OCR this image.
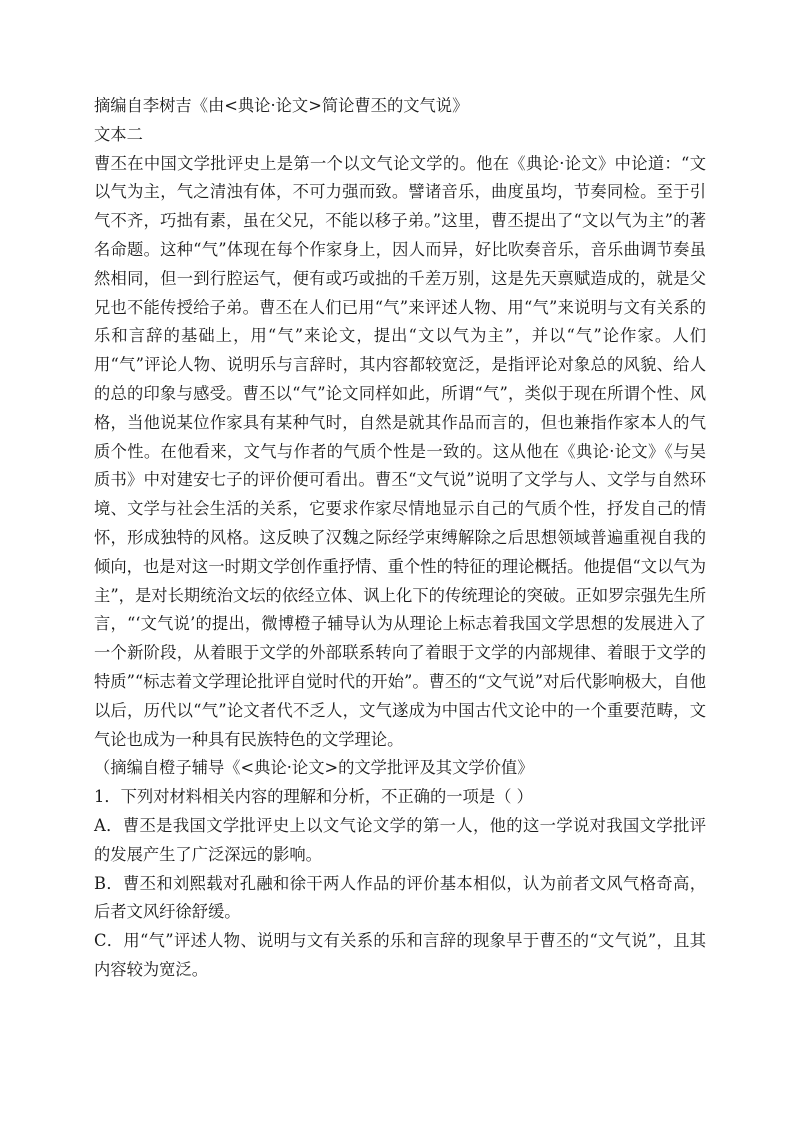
摘编自李树吉《由<典论·论文>简论曹丕的文气说》

文本二

曹丕在中国文学批评史上是第一个以文气论文学的。他在《典论·论文》中论道：“文以气为主，气之清浊有体，不可力强而致。譬诸音乐，曲度虽均，节奏同检。至于引气不齐，巧拙有素，虽在父兄，不能以移子弟。”这里，曹丕提出了“文以气为主”的著名命题。这种“气”体现在每个作家身上，因人而异，好比吹奏音乐，音乐曲调节奏虽然相同，但一到行腔运气，便有或巧或拙的千差万别，这是先天禀赋造成的，就是父兄也不能传授给子弟。曹丕在人们已用“气”来评述人物、用“气”来说明与文有关系的乐和言辞的基础上，用“气”来论文，提出“文以气为主”，并以“气”论作家。人们用“气”评论人物、说明乐与言辞时，其内容都较宽泛，是指评论对象总的风貌、给人的总的印象与感受。曹丕以“气”论文同样如此，所谓“气”，类似于现在所谓个性、风格，当他说某位作家具有某种气时，自然是就其作品而言的，但也兼指作家本人的气质个性。在他看来，文气与作者的气质个性是一致的。这从他在《典论·论文》《与吴质书》中对建安七子的评价便可看出。曹丕“文气说”说明了文学与人、文学与自然环境、文学与社会生活的关系，它要求作家尽情地显示自己的气质个性，抒发自己的情怀，形成独特的风格。这反映了汉魏之际经学束缚解除之后思想领域普遍重视自我的倾向，也是对这一时期文学创作重抒情、重个性的特征的理论概括。他提倡“文以气为主”，是对长期统治文坛的依经立体、讽上化下的传统理论的突破。正如罗宗强先生所言，“‘文气说’的提出，微博橙子辅导认为从理论上标志着我国文学思想的发展进入了一个新阶段，从着眼于文学的外部联系转向了着眼于文学的内部规律、着眼于文学的特质”“标志着文学理论批评自觉时代的开始”。曹丕的“文气说”对后代影响极大，自他以后，历代以“气”论文者代不乏人，文气遂成为中国古代文论中的一个重要范畴，文气论也成为一种具有民族特色的文学理论。

（摘编自橙子辅导《<典论·论文>的文学批评及其文学价值》

1．下列对材料相关内容的理解和分析，不正确的一项是（ ）

A．曹丕是我国文学批评史上以文气论文学的第一人，他的这一学说对我国文学批评的发展产生了广泛深远的影响。

B．曹丕和刘熙载对孔融和徐干两人作品的评价基本相似，认为前者文风气格奇高，后者文风纡徐舒缓。

C．用“气”评述人物、说明与文有关系的乐和言辞的现象早于曹丕的“文气说”，且其内容较为宽泛。
